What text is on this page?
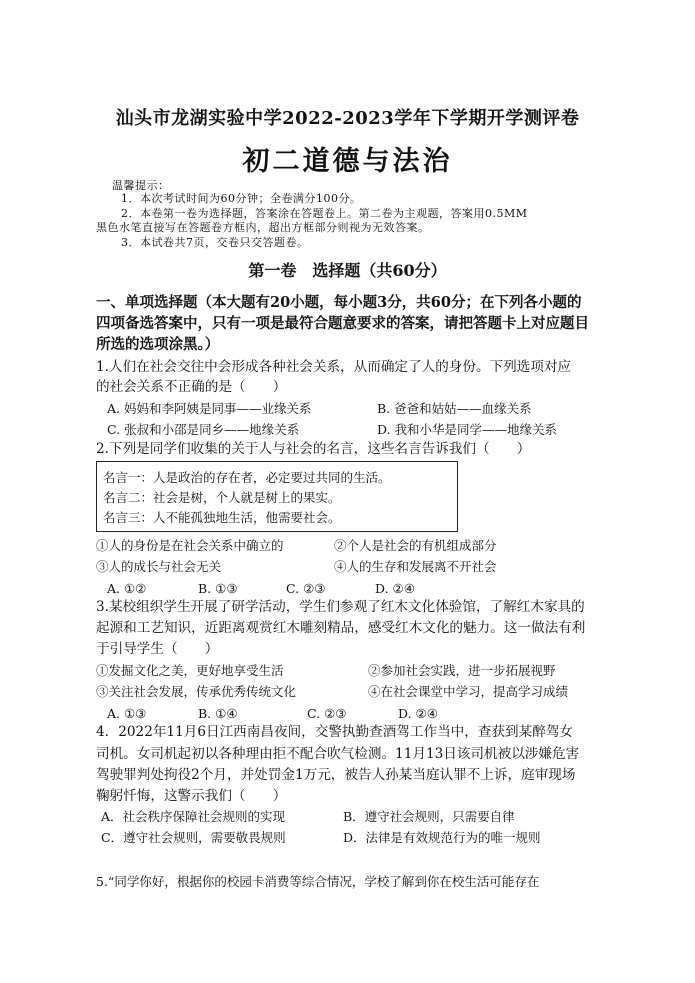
汕头市龙湖实验中学2022-2023学年下学期开学测评卷
初二道德与法治
温馨提示：
1．本次考试时间为60分钟；全卷满分100分。
2．本卷第一卷为选择题，答案涂在答题卷上。第二卷为主观题，答案用0.5MM
黑色水笔直接写在答题卷方框内，超出方框部分则视为无效答案。
3．本试卷共7页，交卷只交答题卷。
第一卷　选择题（共60分）
一、单项选择题（本大题有20小题，每小题3分，共60分；在下列各小题的
四项备选答案中，只有一项是最符合题意要求的答案，请把答题卡上对应题目
所选的选项涂黑。）
1.人们在社会交往中会形成各种社会关系，从而确定了人的身份。下列选项对应
的社会关系不正确的是（　　）
A. 妈妈和李阿姨是同事——业缘关系	B. 爸爸和姑姑——血缘关系
C. 张叔和小邵是同乡——地缘关系	D. 我和小华是同学——地缘关系
2.下列是同学们收集的关于人与社会的名言，这些名言告诉我们（　　）
名言一：人是政治的存在者，必定要过共同的生活。
名言二：社会是树，个人就是树上的果实。
名言三：人不能孤独地生活，他需要社会。
①人的身份是在社会关系中确立的	②个人是社会的有机组成部分
③人的成长与社会无关	④人的生存和发展离不开社会
A. ①②	B. ①③	C. ②③	D. ②④
3.某校组织学生开展了研学活动，学生们参观了红木文化体验馆，了解红木家具的
起源和工艺知识，近距离观赏红木雕刻精品，感受红木文化的魅力。这一做法有利
于引导学生（　　）
①发掘文化之美，更好地享受生活	②参加社会实践，进一步拓展视野
③关注社会发展，传承优秀传统文化	④在社会课堂中学习，提高学习成绩
A. ①③	B. ①④	C. ②③	D. ②④
4．2022年11月6日江西南昌夜间，交警执勤查酒驾工作当中，查获到某醉驾女
司机。女司机起初以各种理由拒不配合吹气检测。11月13日该司机被以涉嫌危害
驾驶罪判处拘役2个月，并处罚金1万元，被告人孙某当庭认罪不上诉，庭审现场
鞠躬忏悔，这警示我们（　　）
A．社会秩序保障社会规则的实现	B．遵守社会规则，只需要自律
C．遵守社会规则，需要敬畏规则	D．法律是有效规范行为的唯一规则
5.“同学你好，根据你的校园卡消费等综合情况，学校了解到你在校生活可能存在
